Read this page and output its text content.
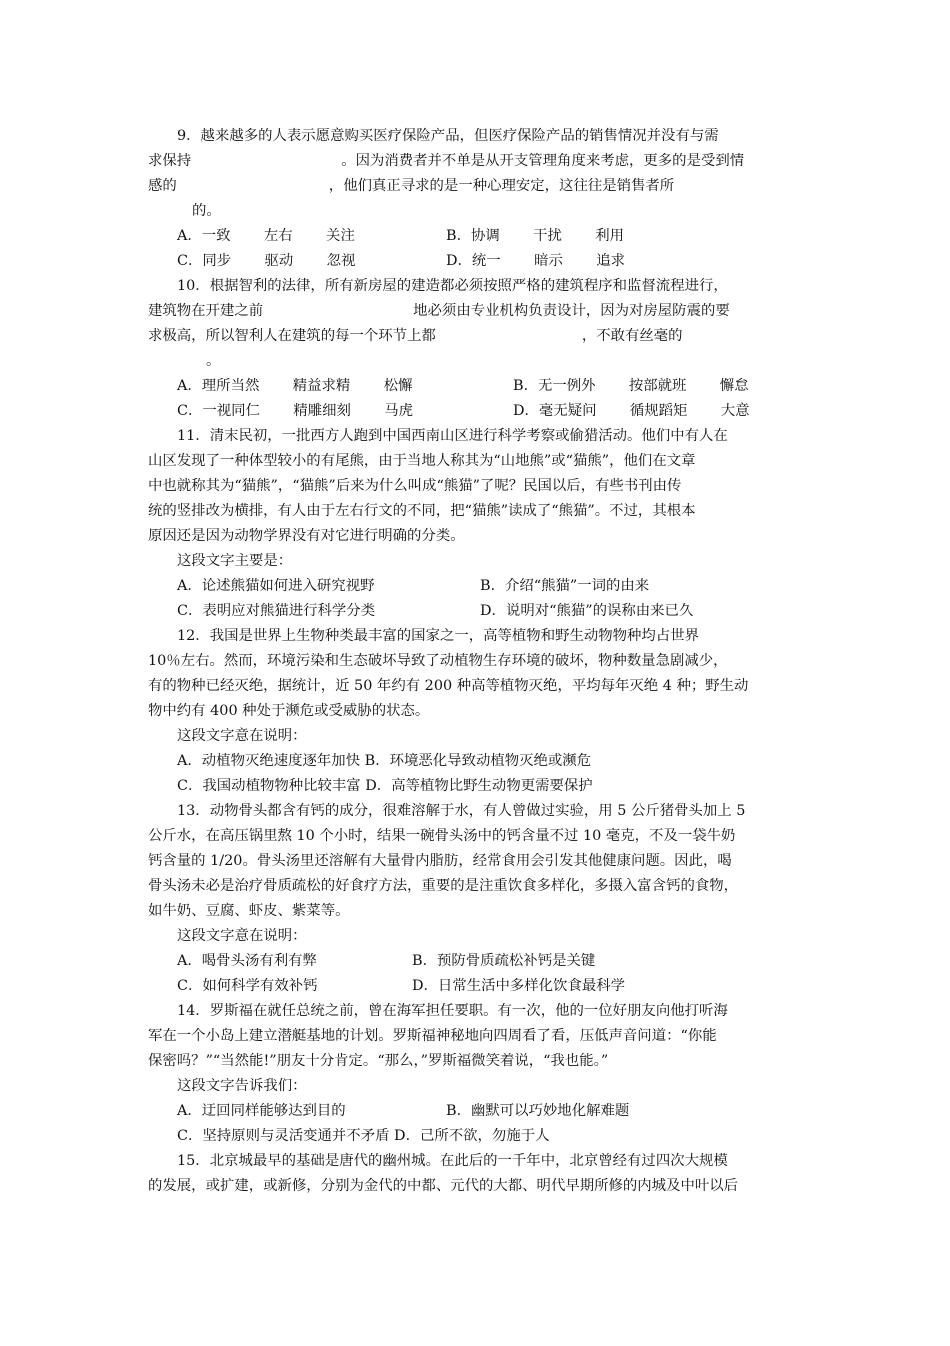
9．越来越多的人表示愿意购买医疗保险产品，但医疗保险产品的销售情况并没有与需
求保持	。因为消费者并不单是从开支管理角度来考虑，更多的是受到情
感的	，他们真正寻求的是一种心理安定，这往往是销售者所
的。
A．一致　　 左右　　 关注	B．协调　　 干扰　　 利用
C．同步　　 驱动　　 忽视	D．统一　　 暗示　　 追求
10．根据智利的法律，所有新房屋的建造都必须按照严格的建筑程序和监督流程进行，
建筑物在开建之前	地必须由专业机构负责设计，因为对房屋防震的要
求极高，所以智利人在建筑的每一个环节上都	，不敢有丝毫的
。
A．理所当然　　 精益求精　　 松懈	B．无一例外　　 按部就班　　 懈怠
C．一视同仁　　 精雕细刻　　 马虎	D．毫无疑问　　 循规蹈矩　　 大意
11．清末民初，一批西方人跑到中国西南山区进行科学考察或偷猎活动。他们中有人在
山区发现了一种体型较小的有尾熊，由于当地人称其为“山地熊”或“猫熊”，他们在文章
中也就称其为“猫熊”，“猫熊”后来为什么叫成“熊猫”了呢？民国以后，有些书刊由传
统的竖排改为横排，有人由于左右行文的不同，把“猫熊”读成了“熊猫”。不过，其根本
原因还是因为动物学界没有对它进行明确的分类。
这段文字主要是：
A．论述熊猫如何进入研究视野	B．介绍“熊猫”一词的由来
C．表明应对熊猫进行科学分类	D．说明对“熊猫”的误称由来已久
12．我国是世界上生物种类最丰富的国家之一，高等植物和野生动物物种均占世界
10％左右。然而，环境污染和生态破坏导致了动植物生存环境的破坏，物种数量急剧减少，
有的物种已经灭绝，据统计，近 50 年约有 200 种高等植物灭绝，平均每年灭绝 4 种；野生动
物中约有 400 种处于濒危或受威胁的状态。
这段文字意在说明：
A．动植物灭绝速度逐年加快 B．环境恶化导致动植物灭绝或濒危
C．我国动植物物种比较丰富 D．高等植物比野生动物更需要保护
13．动物骨头都含有钙的成分，很难溶解于水，有人曾做过实验，用 5 公斤猪骨头加上 5
公斤水，在高压锅里熬 10 个小时，结果一碗骨头汤中的钙含量不过 10 毫克，不及一袋牛奶
钙含量的 1/20。骨头汤里还溶解有大量骨内脂肪，经常食用会引发其他健康问题。因此，喝
骨头汤未必是治疗骨质疏松的好食疗方法，重要的是注重饮食多样化，多摄入富含钙的食物，
如牛奶、豆腐、虾皮、紫菜等。
这段文字意在说明：
A．喝骨头汤有利有弊	B．预防骨质疏松补钙是关键
C．如何科学有效补钙	D．日常生活中多样化饮食最科学
14．罗斯福在就任总统之前，曾在海军担任要职。有一次，他的一位好朋友向他打听海
军在一个小岛上建立潜艇基地的计划。罗斯福神秘地向四周看了看，压低声音问道：“你能
保密吗？”“当然能!”朋友十分肯定。“那么，”罗斯福微笑着说，“我也能。”
这段文字告诉我们：
A．迂回同样能够达到目的	B．幽默可以巧妙地化解难题
C．坚持原则与灵活变通并不矛盾 D．己所不欲，勿施于人
15．北京城最早的基础是唐代的幽州城。在此后的一千年中，北京曾经有过四次大规模
的发展，或扩建，或新修，分别为金代的中都、元代的大都、明代早期所修的内城及中叶以后
